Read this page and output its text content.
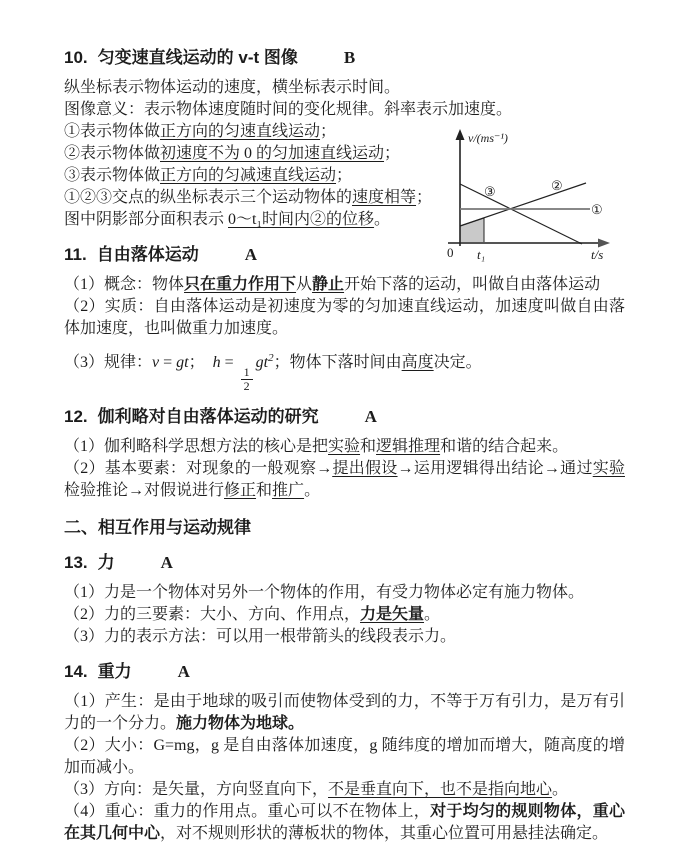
10. 匀变速直线运动的 v-t 图像	B

纵坐标表示物体运动的速度，横坐标表示时间。

图像意义：表示物体速度随时间的变化规律。斜率表示加速度。

①表示物体做正方向的匀速直线运动；

②表示物体做初速度不为 0 的匀加速直线运动；

③表示物体做正方向的匀减速直线运动；

①②③交点的纵坐标表示三个运动物体的速度相等；

图中阴影部分面积表示 0～t₁时间内②的位移。

11. 自由落体运动	A

（1）概念：物体只在重力作用下从静止开始下落的运动，叫做自由落体运动

（2）实质：自由落体运动是初速度为零的匀加速直线运动，加速度叫做自由落体加速度，也叫做重力加速度。

（3）规律：v = gt；　h =
$\frac{1}{2}$
$gt^2$；物体下落时间由高度决定。

12. 伽利略对自由落体运动的研究	A

（1）伽利略科学思想方法的核心是把实验和逻辑推理和谐的结合起来。

（2）基本要素：对现象的一般观察→提出假设→运用逻辑得出结论→通过实验检验推论→对假说进行修正和推广。

二、相互作用与运动规律
13. 力	A

（1）力是一个物体对另外一个物体的作用，有受力物体必定有施力物体。

（2）力的三要素：大小、方向、作用点，力是矢量。

（3）力的表示方法：可以用一根带箭头的线段表示力。

14. 重力	A

（1）产生：是由于地球的吸引而使物体受到的力，不等于万有引力，是万有引力的一个分力。施力物体为地球。

（2）大小：G=mg，g 是自由落体加速度，g 随纬度的增加而增大，随高度的增加而减小。

（3）方向：是矢量，方向竖直向下，不是垂直向下，也不是指向地心。

（4）重心：重力的作用点。重心可以不在物体上，对于均匀的规则物体，重心在其几何中心，对不规则形状的薄板状的物体，其重心位置可用悬挂法确定。

v/(ms⁻¹)
t/s
0 t₁
①
②
③
